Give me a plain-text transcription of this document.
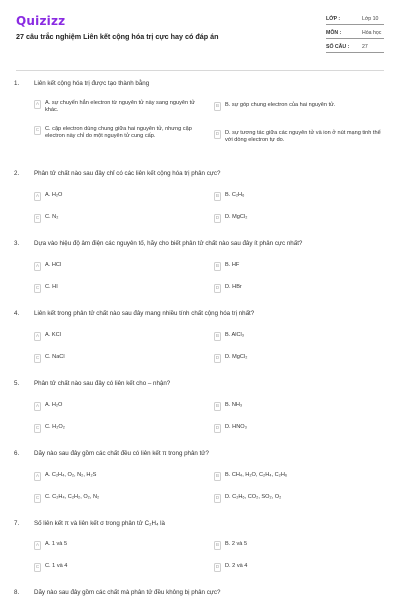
Quizizz
27 câu trắc nghiệm Liên kết cộng hóa trị cực hay có đáp án
LỚP :	Lớp 10
MÔN :	Hóa học
SỐ CÂU : 27
1. Liên kết cộng hóa trị được tạo thành bằng
A	A. sự chuyển hẳn electron từ nguyên tử này sang nguyên tử khác.
B	B. sự góp chung electron của hai nguyên tử.
C	C. cặp electron dùng chung giữa hai nguyên tử, nhưng cặp electron này chỉ do một nguyên tử cung cấp.	D	D. sự tương tác giữa các nguyên tử và ion ở nút mạng tinh thể với dòng electron tự do.
2. Phân tử chất nào sau đây chỉ có các liên kết cộng hóa trị phân cực?
A	A. H₂O	B	B. C₂H₆
C	C. N₂	D	D. MgCl₂
3. Dựa vào hiệu độ âm điện các nguyên tố, hãy cho biết phân tử chất nào sau đây ít phân cực nhất?
A	A. HCl	B	B. HF
C	C. HI	D	D. HBr
4. Liên kết trong phân tử chất nào sau đây mang nhiều tính chất cộng hóa trị nhất?
A	A. KCl	B	B. AlCl₃
C	C. NaCl	D	D. MgCl₂
5. Phân tử chất nào sau đây có liên kết cho – nhận?
A	A. H₂O	B	B. NH₃
C	C. H₂O₂	D	D. HNO₃
6. Dãy nào sau đây gồm các chất đều có liên kết π trong phân tử?
A	A. C₂H₄, O₂, N₂, H₂S	B	B. CH₄, H₂O, C₂H₄, C₂H₆
C	C. C₂H₄, C₂H₂, O₂, N₂	D	D. C₂H₆, CO₂, SO₂, O₂
7. Số liên kết π và liên kết σ trong phân tử C₂H₄ là
A	A. 1 và 5	B	B. 2 và 5
C	C. 1 và 4	D	D. 2 và 4
8. Dãy nào sau đây gồm các chất mà phân tử đều không bị phân cực?
